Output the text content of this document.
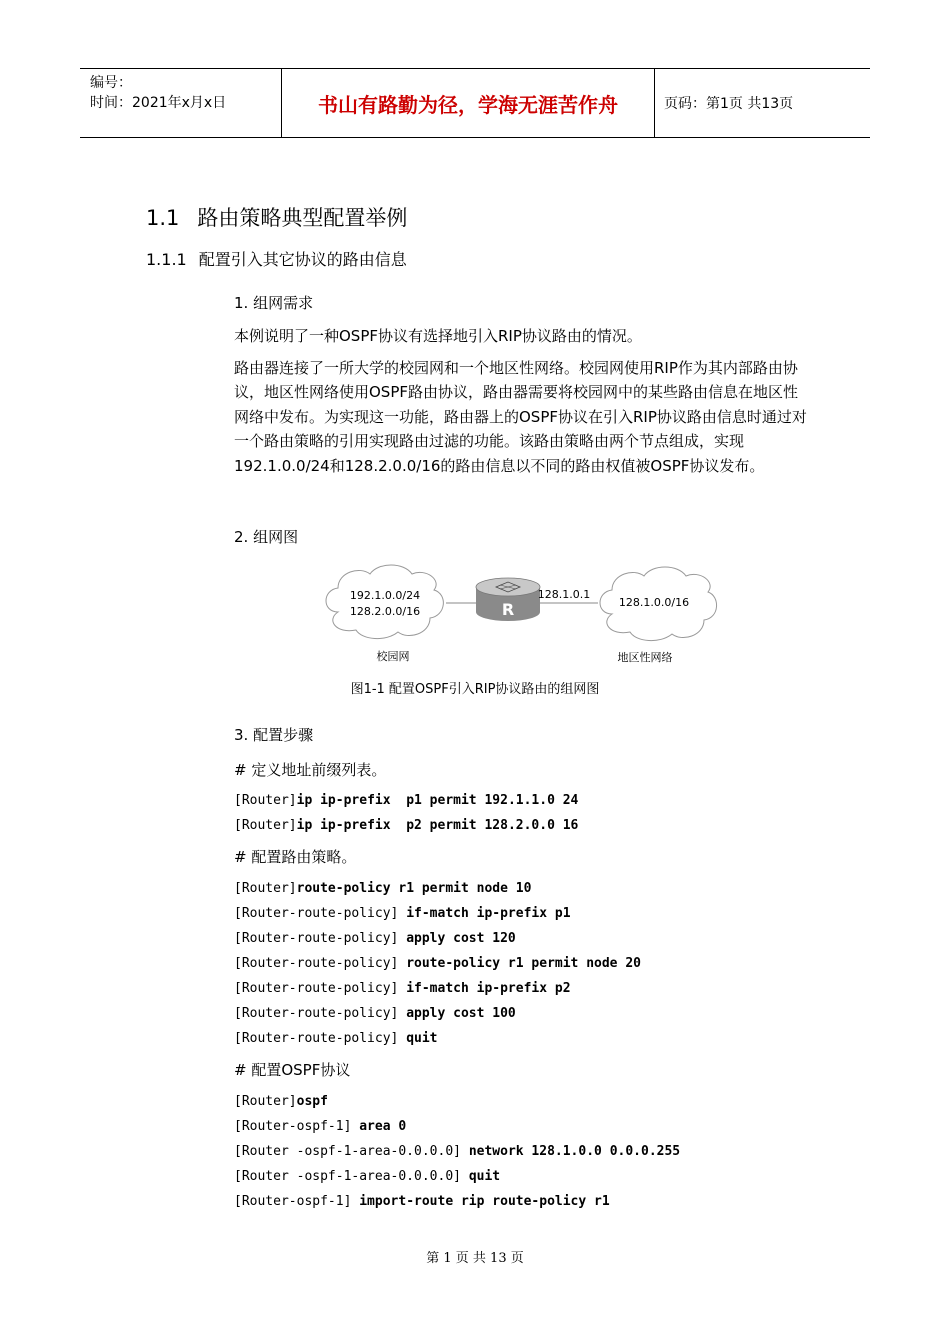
编号：
时间：2021年x月x日	书山有路勤为径，学海无涯苦作舟	页码：第1页 共13页
1.1 路由策略典型配置举例
1.1.1 配置引入其它协议的路由信息
1. 组网需求
本例说明了一种OSPF协议有选择地引入RIP协议路由的情况。
路由器连接了一所大学的校园网和一个地区性网络。校园网使用RIP作为其内部路由协议，地区性网络使用OSPF路由协议，路由器需要将校园网中的某些路由信息在地区性网络中发布。为实现这一功能，路由器上的OSPF协议在引入RIP协议路由信息时通过对一个路由策略的引用实现路由过滤的功能。该路由策略由两个节点组成，实现192.1.0.0/24和128.2.0.0/16的路由信息以不同的路由权值被OSPF协议发布。
2. 组网图
192.1.0.0/24
128.2.0.0/16
校园网
R
128.1.0.1
128.1.0.0/16
地区性网络
图1-1 配置OSPF引入RIP协议路由的组网图
3. 配置步骤
# 定义地址前缀列表。
[Router]ip ip-prefix  p1 permit 192.1.1.0 24
[Router]ip ip-prefix  p2 permit 128.2.0.0 16
# 配置路由策略。
[Router]route-policy r1 permit node 10
[Router-route-policy] if-match ip-prefix p1
[Router-route-policy] apply cost 120
[Router-route-policy] route-policy r1 permit node 20
[Router-route-policy] if-match ip-prefix p2
[Router-route-policy] apply cost 100
[Router-route-policy] quit
# 配置OSPF协议
[Router]ospf
[Router-ospf-1] area 0
[Router -ospf-1-area-0.0.0.0] network 128.1.0.0 0.0.0.255
[Router -ospf-1-area-0.0.0.0] quit
[Router-ospf-1] import-route rip route-policy r1
第 1 页 共 13 页
